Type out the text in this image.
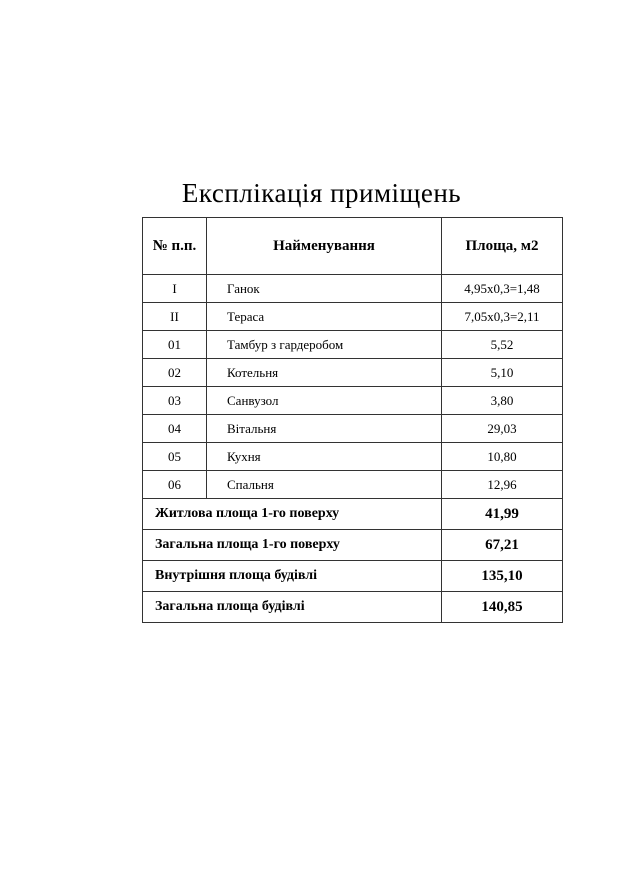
Експлікація приміщень
№ п.п.	Найменування	Площа, м2
I	Ганок	4,95х0,3=1,48
II	Тераса	7,05х0,3=2,11
01	Тамбур з гардеробом	5,52
02	Котельня	5,10
03	Санвузол	3,80
04	Вітальня	29,03
05	Кухня	10,80
06	Спальня	12,96
Житлова площа 1-го поверху		41,99
Загальна площа 1-го поверху		67,21
Внутрішня площа будівлі		135,10
Загальна площа будівлі		140,85
